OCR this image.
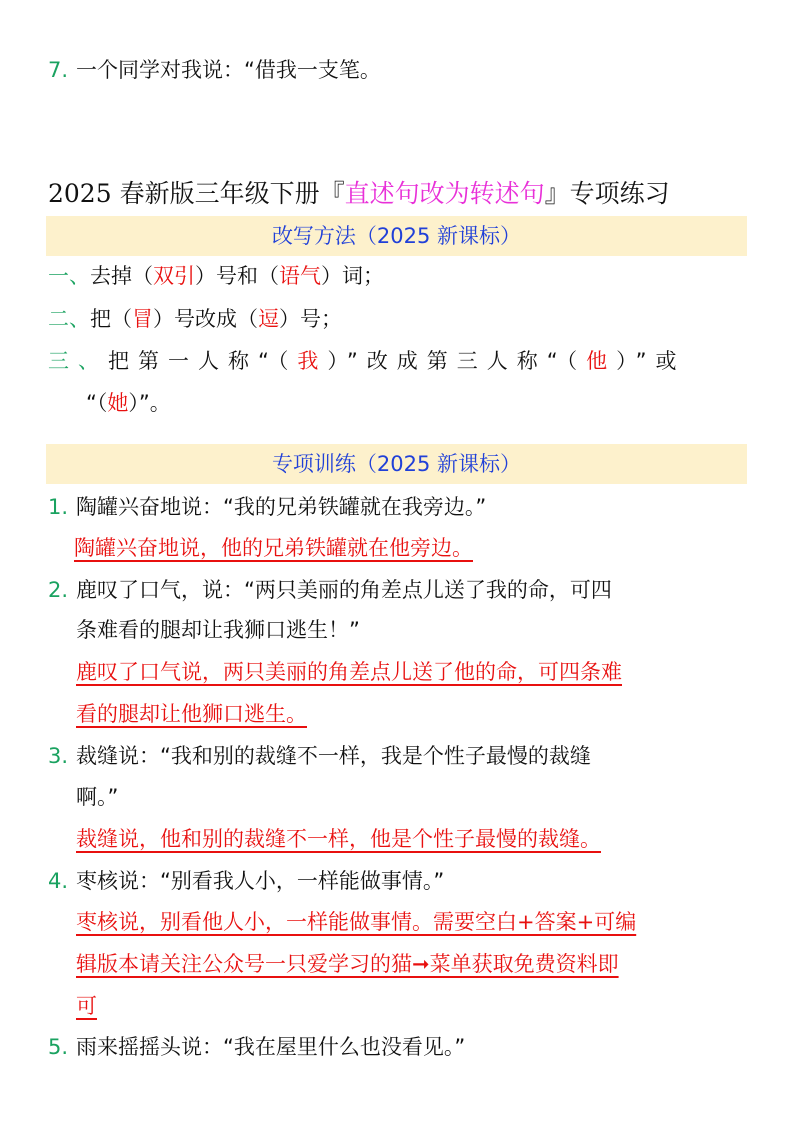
7. 一个同学对我说：“借我一支笔。
2025 春新版三年级下册『直述句改为转述句』专项练习
改写方法（2025 新课标）
一、去掉（双引）号和（语气）词；
二、把（冒）号改成（逗）号；
三、把第一人称“（我）”改成第三人称“（他）”或
“（她）”。
专项训练（2025 新课标）
1. 陶罐兴奋地说：“我的兄弟铁罐就在我旁边。”
陶罐兴奋地说，他的兄弟铁罐就在他旁边。
2. 鹿叹了口气，说：“两只美丽的角差点儿送了我的命，可四
条难看的腿却让我狮口逃生！”
鹿叹了口气说，两只美丽的角差点儿送了他的命，可四条难
看的腿却让他狮口逃生。
3. 裁缝说：“我和别的裁缝不一样，我是个性子最慢的裁缝
啊。”
裁缝说，他和别的裁缝不一样，他是个性子最慢的裁缝。
4. 枣核说：“别看我人小，一样能做事情。”
枣核说，别看他人小，一样能做事情。需要空白+答案+可编
辑版本请关注公众号一只爱学习的猫➞菜单获取免费资料即
可
5. 雨来摇摇头说：“我在屋里什么也没看见。”
